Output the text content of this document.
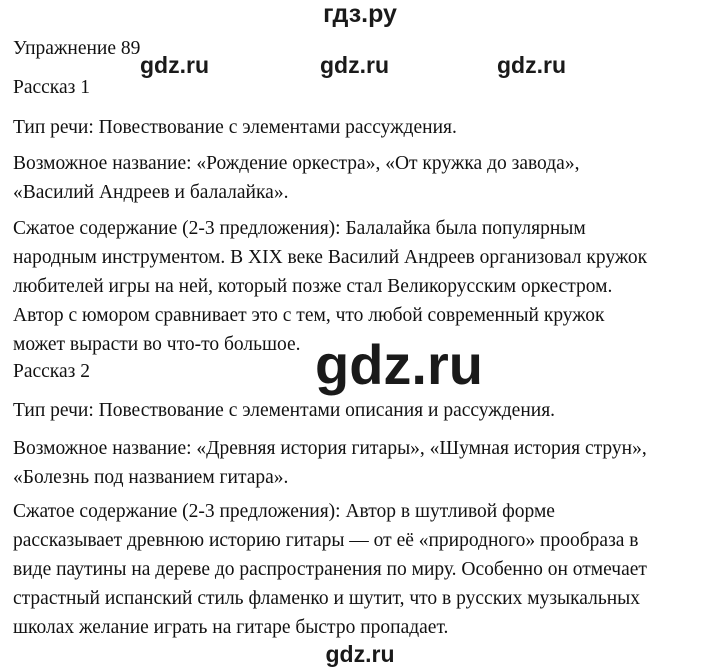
гдз.ру
gdz.ru	gdz.ru	gdz.ru
gdz.ru
gdz.ru

Упражнение 89

Рассказ 1

Тип речи: Повествование с элементами рассуждения.

Возможное название: «Рождение оркестра», «От кружка до завода»,

«Василий Андреев и балалайка».

Сжатое содержание (2-3 предложения): Балалайка была популярным

народным инструментом. В XIX веке Василий Андреев организовал кружок

любителей игры на ней, который позже стал Великорусским оркестром.

Автор с юмором сравнивает это с тем, что любой современный кружок

может вырасти во что-то большое.

Рассказ 2

Тип речи: Повествование с элементами описания и рассуждения.

Возможное название: «Древняя история гитары», «Шумная история струн»,

«Болезнь под названием гитара».

Сжатое содержание (2-3 предложения): Автор в шутливой форме

рассказывает древнюю историю гитары — от её «природного» прообраза в

виде паутины на дереве до распространения по миру. Особенно он отмечает

страстный испанский стиль фламенко и шутит, что в русских музыкальных

школах желание играть на гитаре быстро пропадает.
